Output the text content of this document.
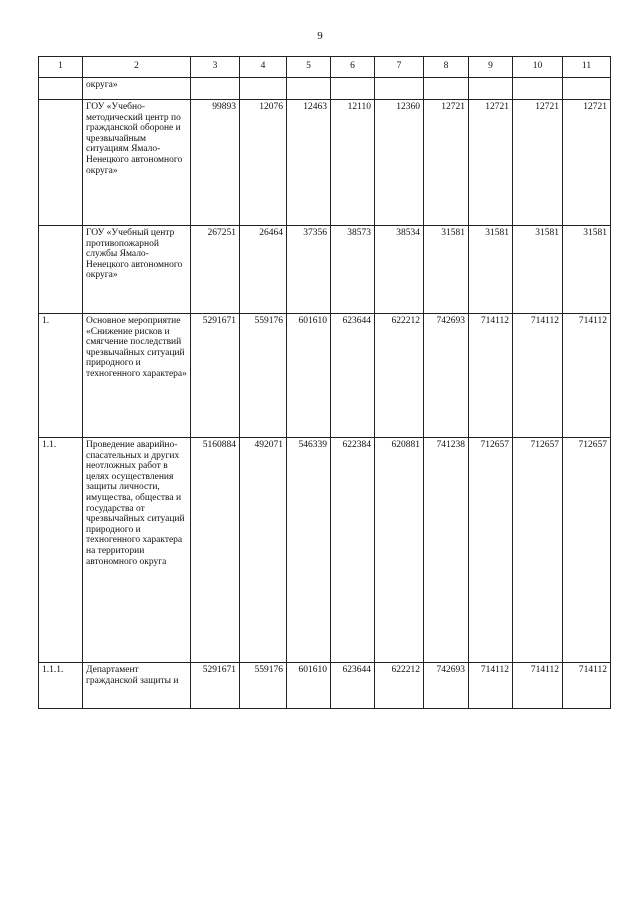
9
1	2	3	4	5	6	7	8	9	10	11
	округа»									
	ГОУ «Учебно-методический центр по гражданской обороне и чрезвычайным ситуациям Ямало-Ненецкого автономного округа»	99893	12076	12463	12110	12360	12721	12721	12721	12721
	ГОУ «Учебный центр противопожарной службы Ямало-Ненецкого автономного округа»	267251	26464	37356	38573	38534	31581	31581	31581	31581
1.	Основное мероприятие «Снижение рисков и смягчение последствий чрезвычайных ситуаций природного и техногенного характера»	5291671	559176	601610	623644	622212	742693	714112	714112	714112
1.1.	Проведение аварийно-спасательных и других неотложных работ в целях осуществления защиты личности, имущества, общества и государства от чрезвычайных ситуаций природного и техногенного характера на территории автономного округа	5160884	492071	546339	622384	620881	741238	712657	712657	712657
1.1.1.	Департамент гражданской защиты и	5291671	559176	601610	623644	622212	742693	714112	714112	714112
